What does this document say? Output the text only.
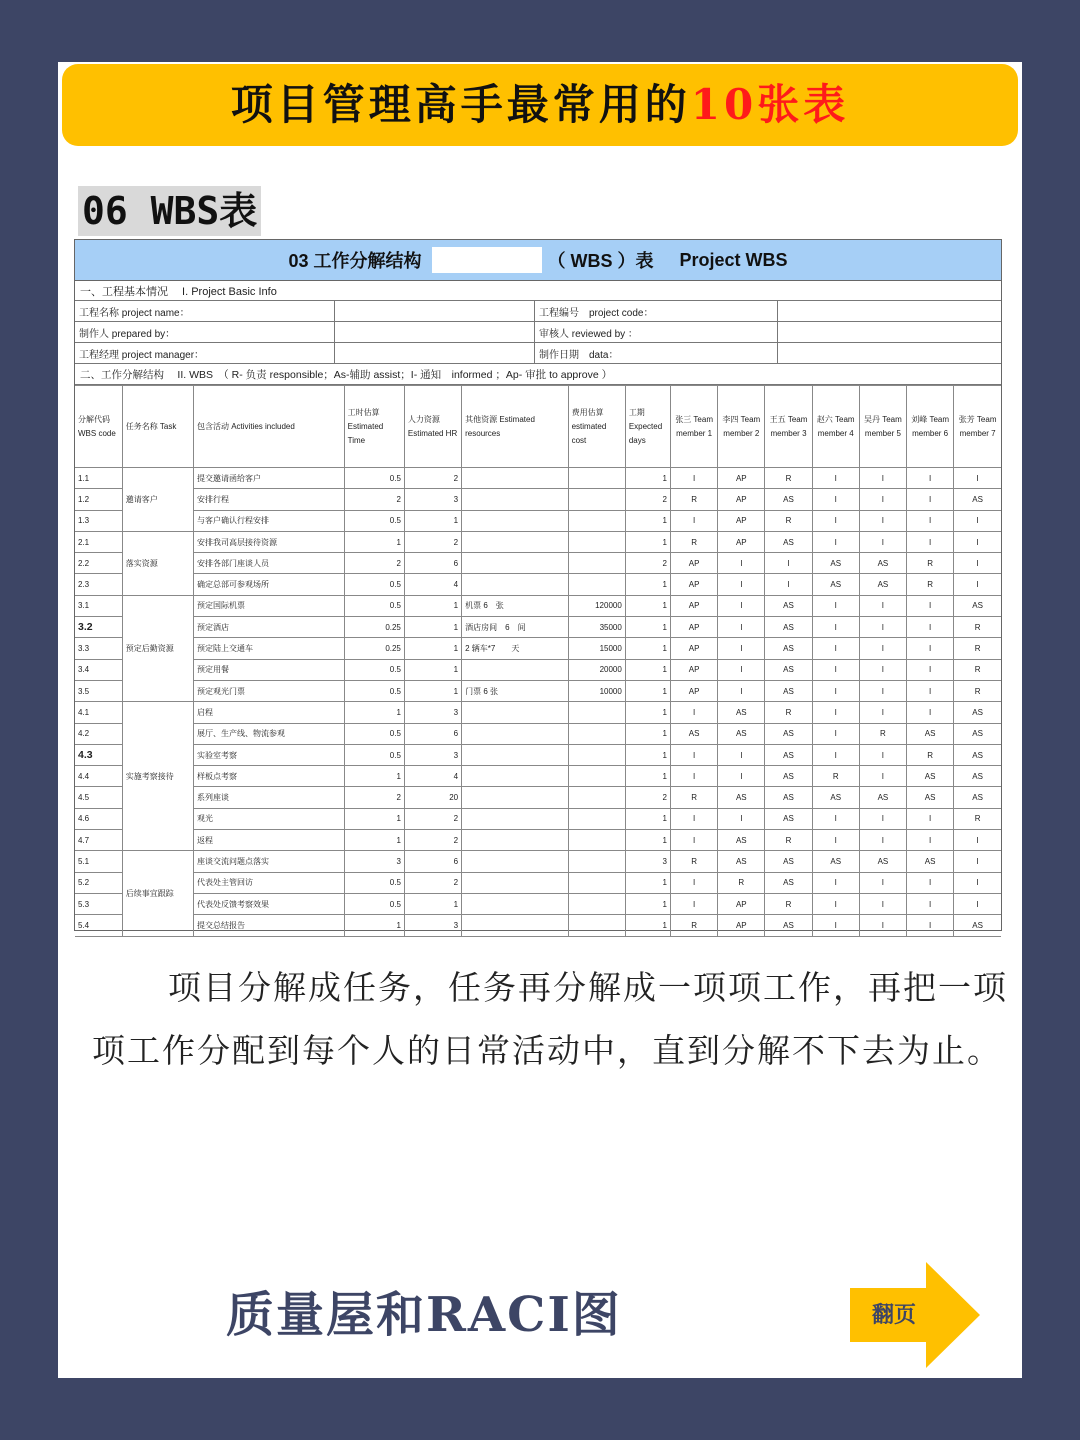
项目管理高手最常用的10张表
06 WBS表
03 工作分解结构	（ WBS ）表 Project WBS
一、工程基本情况　 I. Project Basic Info
工程名称 project name：	工程编号　project code：
制作人 prepared by：	审核人 reviewed by ：
工程经理 project manager：	制作日期　data：
二、工作分解结构　 II. WBS　（ R- 负责 responsible；As-辅助 assist；I- 通知　informed ；Ap- 审批 to approve ）
分解代码 WBS code	任务名称 Task	包含活动 Activities included	工时估算 Estimated Time	人力资源 Estimated HR	其他资源 Estimated resources	费用估算 estimated cost	工期 Expected days	张三 Team member 1	李四 Team member 2	王五 Team member 3	赵六 Team member 4	吴丹 Team member 5	刘峰 Team member 6	张芳 Team member 7
1.1	邀请客户	提交邀请函给客户	0.5	2			1	I	AP	R	I	I	I	I
1.2		安排行程	2	3			2	R	AP	AS	I	I	I	AS
1.3		与客户确认行程安排	0.5	1			1	I	AP	R	I	I	I	I
2.1	落实资源	安排我司高层接待资源	1	2			1	R	AP	AS	I	I	I	I
2.2		安排各部门座谈人员	2	6			2	AP	I	I	AS	AS	R	I
2.3		确定总部可参观场所	0.5	4			1	AP	I	I	AS	AS	R	I
3.1	预定后勤资源	预定国际机票	0.5	1	机票 6　张	120000	1	AP	I	AS	I	I	I	AS
3.2		预定酒店	0.25	1	酒店房间　6　间	35000	1	AP	I	AS	I	I	I	R
3.3		预定陆上交通车	0.25	1	2 辆车*7　　天	15000	1	AP	I	AS	I	I	I	R
3.4		预定用餐	0.5	1		20000	1	AP	I	AS	I	I	I	R
3.5		预定观光门票	0.5	1	门票 6 张	10000	1	AP	I	AS	I	I	I	R
4.1	实施考察接待	启程	1	3			1	I	AS	R	I	I	I	AS
4.2		展厅、生产线、物流参观	0.5	6			1	AS	AS	AS	I	R	AS	AS
4.3		实验室考察	0.5	3			1	I	I	AS	I	I	R	AS
4.4		样板点考察	1	4			1	I	I	AS	R	I	AS	AS
4.5		系列座谈	2	20			2	R	AS	AS	AS	AS	AS	AS
4.6		观光	1	2			1	I	I	AS	I	I	I	R
4.7		返程	1	2			1	I	AS	R	I	I	I	I
5.1	后续事宜跟踪	座谈交流问题点落实	3	6			3	R	AS	AS	AS	AS	AS	I
5.2		代表处主管回访	0.5	2			1	I	R	AS	I	I	I	I
5.3		代表处反馈考察效果	0.5	1			1	I	AP	R	I	I	I	I
5.4		提交总结报告	1	3			1	R	AP	AS	I	I	I	AS
项目分解成任务，任务再分解成一项项工作，再把一项项工作分配到每个人的日常活动中，直到分解不下去为止。
质量屋和RACI图	翻页
